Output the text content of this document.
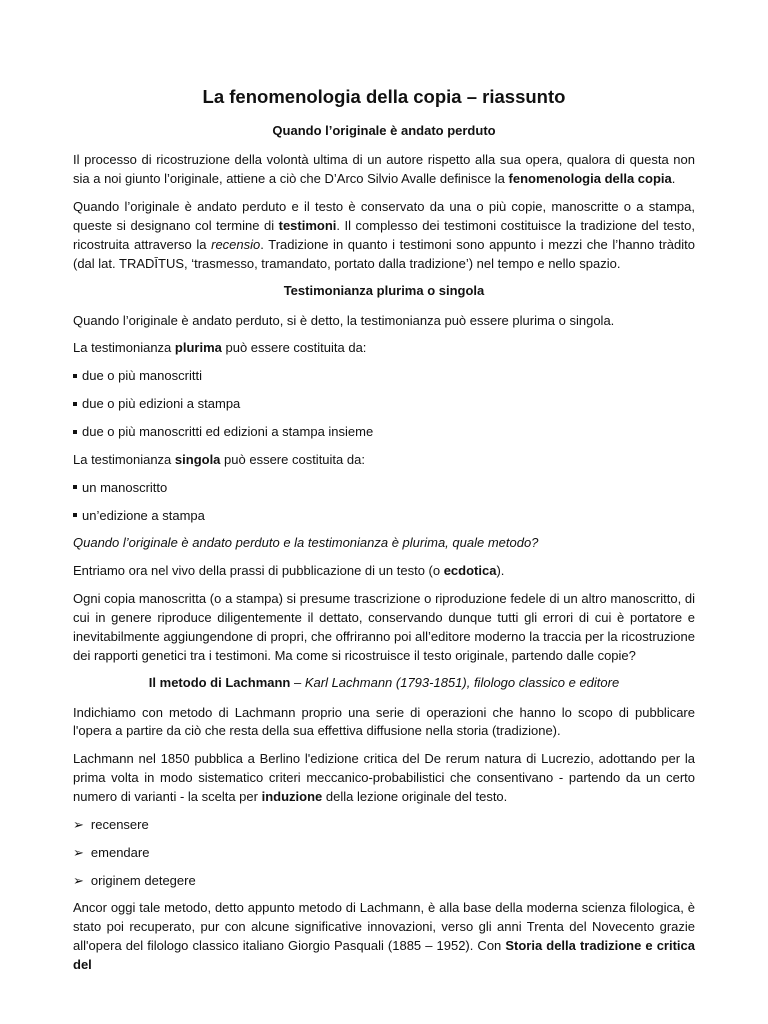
La fenomenologia della copia – riassunto
Quando l’originale è andato perduto

Il processo di ricostruzione della volontà ultima di un autore rispetto alla sua opera, qualora di questa non sia a noi giunto l’originale, attiene a ciò che D’Arco Silvio Avalle definisce la fenomenologia della copia.

Quando l’originale è andato perduto e il testo è conservato da una o più copie, manoscritte o a stampa, queste si designano col termine di testimoni. Il complesso dei testimoni costituisce la tradizione del testo, ricostruita attraverso la recensio. Tradizione in quanto i testimoni sono appunto i mezzi che l’hanno tràdito (dal lat. TRADĪTUS, ‘trasmesso, tramandato, portato dalla tradizione’) nel tempo e nello spazio.

Testimonianza plurima o singola

Quando l’originale è andato perduto, si è detto, la testimonianza può essere plurima o singola.

La testimonianza plurima può essere costituita da:

due o più manoscritti

due o più edizioni a stampa

due o più manoscritti ed edizioni a stampa insieme

La testimonianza singola può essere costituita da:

un manoscritto

un’edizione a stampa

Quando l’originale è andato perduto e la testimonianza è plurima, quale metodo?

Entriamo ora nel vivo della prassi di pubblicazione di un testo (o ecdotica).

Ogni copia manoscritta (o a stampa) si presume trascrizione o riproduzione fedele di un altro manoscritto, di cui in genere riproduce diligentemente il dettato, conservando dunque tutti gli errori di cui è portatore e inevitabilmente aggiungendone di propri, che offriranno poi all’editore moderno la traccia per la ricostruzione dei rapporti genetici tra i testimoni. Ma come si ricostruisce il testo originale, partendo dalle copie?

Il metodo di Lachmann – Karl Lachmann (1793-1851), filologo classico e editore

Indichiamo con metodo di Lachmann proprio una serie di operazioni che hanno lo scopo di pubblicare l'opera a partire da ciò che resta della sua effettiva diffusione nella storia (tradizione).

Lachmann nel 1850 pubblica a Berlino l'edizione critica del De rerum natura di Lucrezio, adottando per la prima volta in modo sistematico criteri meccanico-probabilistici che consentivano - partendo da un certo numero di varianti - la scelta per induzione della lezione originale del testo.

➢ recensere

➢ emendare

➢ originem detegere

Ancor oggi tale metodo, detto appunto metodo di Lachmann, è alla base della moderna scienza filologica, è stato poi recuperato, pur con alcune significative innovazioni, verso gli anni Trenta del Novecento grazie all'opera del filologo classico italiano Giorgio Pasquali (1885 – 1952). Con Storia della tradizione e critica del
